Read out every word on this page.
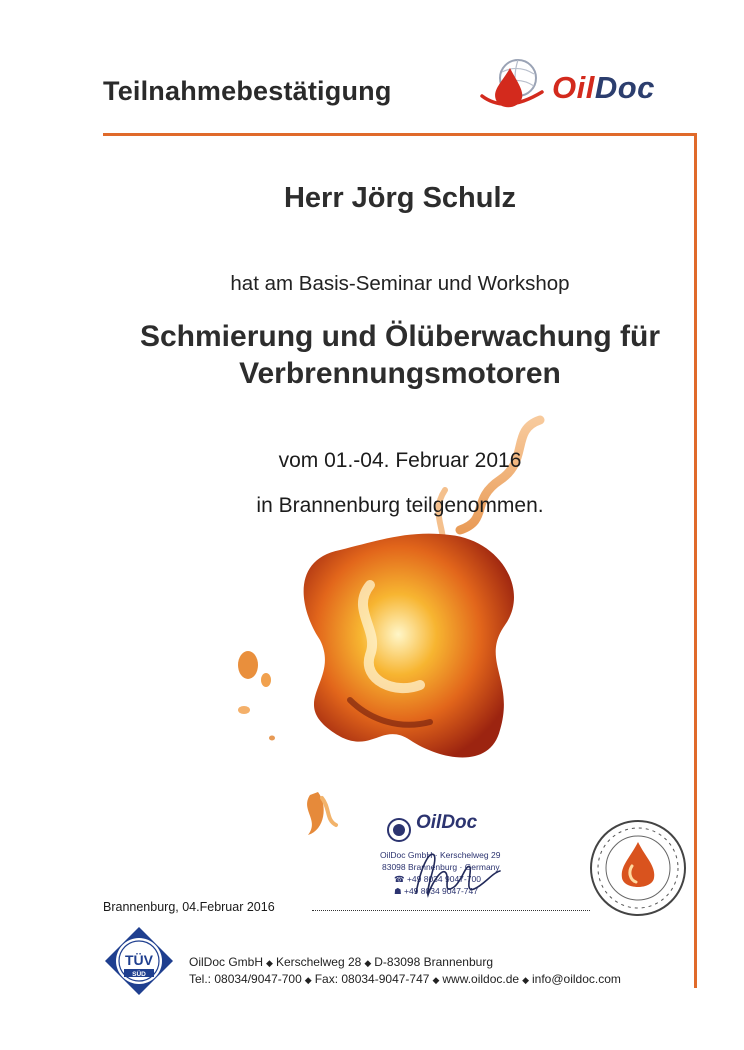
Teilnahmebestätigung	OilDoc
Herr Jörg Schulz
hat am Basis-Seminar und Workshop
Schmierung und Ölüberwachung für
Verbrennungsmotoren
vom 01.-04. Februar 2016
in Brannenburg teilgenommen.
OilDoc
OilDoc GmbH · Kerschelweg 29
83098 Brannenburg · Germany
☎ +49 8034 9047-700
☗ +49 8034 9047-747
Brannenburg, 04.Februar 2016
TÜV
SÜD
OilDoc GmbH ◆ Kerschelweg 28 ◆ D-83098 Brannenburg
Tel.: 08034/9047-700 ◆ Fax: 08034-9047-747 ◆ www.oildoc.de ◆ info@oildoc.com
